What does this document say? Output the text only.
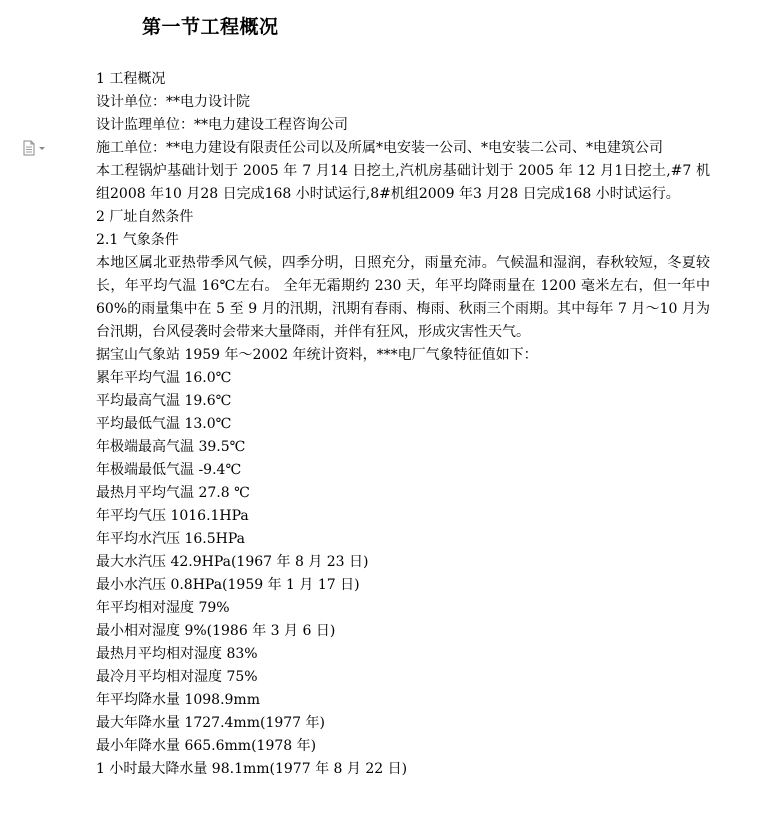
第一节工程概况
1 工程概况
设计单位：**电力设计院
设计监理单位：**电力建设工程咨询公司
施工单位：**电力建设有限责任公司以及所属*电安装一公司、*电安装二公司、*电建筑公司
本工程锅炉基础计划于 2005 年 7 月14 日挖土,汽机房基础计划于 2005 年 12 月1日挖土,#7 机组2008 年10 月28 日完成168 小时试运行,8#机组2009 年3 月28 日完成168 小时试运行。
2 厂址自然条件
2.1 气象条件
本地区属北亚热带季风气候，四季分明，日照充分，雨量充沛。气候温和湿润，春秋较短，冬夏较长，年平均气温 16℃左右。 全年无霜期约 230 天，年平均降雨量在 1200 毫米左右，但一年中 60%的雨量集中在 5 至 9 月的汛期，汛期有春雨、梅雨、秋雨三个雨期。其中每年 7 月～10 月为台汛期，台风侵袭时会带来大量降雨，并伴有狂风，形成灾害性天气。
据宝山气象站 1959 年～2002 年统计资料，***电厂气象特征值如下：
累年平均气温 16.0℃
平均最高气温 19.6℃
平均最低气温 13.0℃
年极端最高气温 39.5℃
年极端最低气温 -9.4℃
最热月平均气温 27.8 ℃
年平均气压 1016.1HPa
年平均水汽压 16.5HPa
最大水汽压 42.9HPa(1967 年 8 月 23 日)
最小水汽压 0.8HPa(1959 年 1 月 17 日)
年平均相对湿度 79%
最小相对湿度 9%(1986 年 3 月 6 日)
最热月平均相对湿度 83%
最冷月平均相对湿度 75%
年平均降水量 1098.9mm
最大年降水量 1727.4mm(1977 年)
最小年降水量 665.6mm(1978 年)
1 小时最大降水量 98.1mm(1977 年 8 月 22 日)
